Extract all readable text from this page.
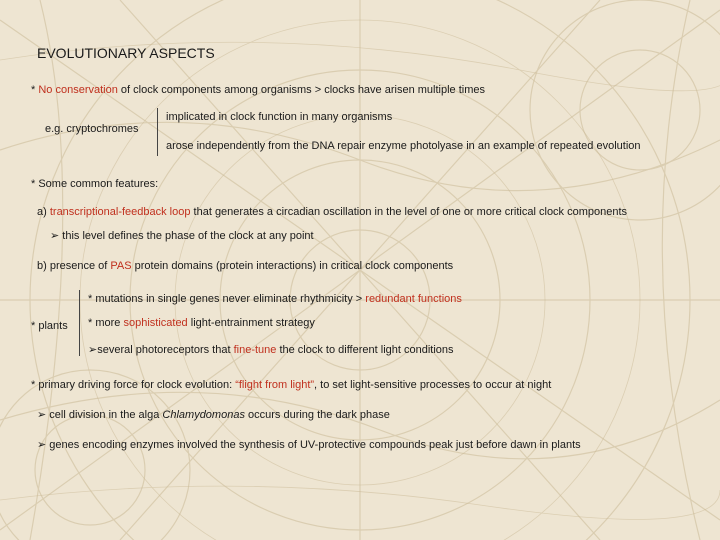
EVOLUTIONARY ASPECTS
* No conservation of clock components among organisms > clocks have arisen multiple times
e.g. cryptochromes
implicated in clock function in many organisms
arose independently from the DNA repair enzyme photolyase in an example of repeated evolution
* Some common features:
a) transcriptional-feedback loop that generates a circadian oscillation in the level of one or more critical clock components
➢ this level defines the phase of the clock at any point
b) presence of PAS protein domains (protein interactions) in critical clock components
* plants
* mutations in single genes never eliminate rhythmicity > redundant functions
* more sophisticated light-entrainment strategy
➢several photoreceptors that fine-tune the clock to different light conditions
* primary driving force for clock evolution: “flight from light”, to set light-sensitive processes to occur at night
➢ cell division in the alga Chlamydomonas occurs during the dark phase
➢ genes encoding enzymes involved the synthesis of UV-protective compounds peak just before dawn in plants
